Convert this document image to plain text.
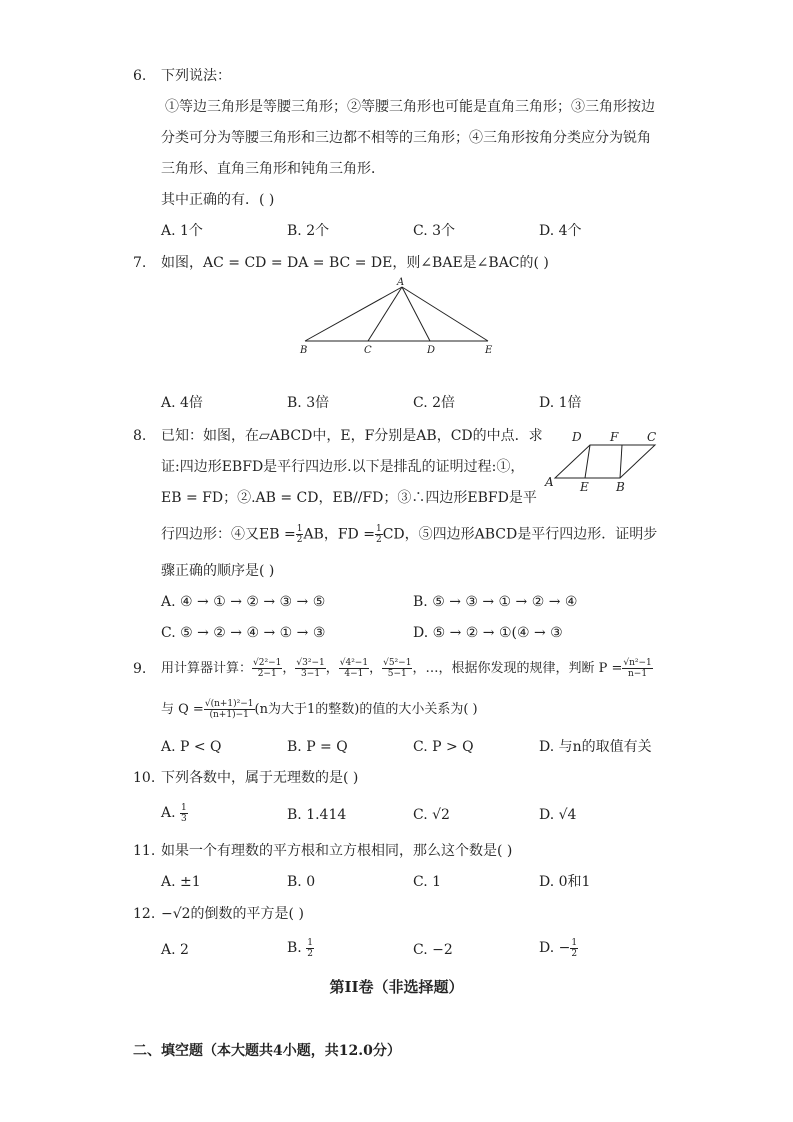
6. 下列说法：
①等边三角形是等腰三角形；②等腰三角形也可能是直角三角形；③三角形按边
分类可分为等腰三角形和三边都不相等的三角形；④三角形按角分类应分为锐角
三角形、直角三角形和钝角三角形．
其中正确的有．( )
A. 1个	B. 2个	C. 3个	D. 4个
7. 如图，AC = CD = DA = BC = DE，则∠BAE是∠BAC的( )
A
B	C	D	E
A. 4倍	B. 3倍	C. 2倍	D. 1倍
8. 已知：如图，在▱ABCD中，E，F分别是AB，CD的中点．求
证:四边形EBFD是平行四边形.以下是排乱的证明过程:①，
EB = FD；②.AB = CD，EB//FD；③∴四边形EBFD是平
行四边形：④又EB = $\frac{1}{2}$ AB，FD = $\frac{1}{2}$ CD，⑤四边形ABCD是平行四边形．证明步
骤正确的顺序是( )
D F C
A E B
A. ④ → ① → ② → ③ → ⑤	B. ⑤ → ③ → ① → ② → ④
C. ⑤ → ② → ④ → ① → ③	D. ⑤ → ② → ①(④ → ③
9. 用计算器计算： $\frac{\text{√2²−1}}{2-1}$ ， $\frac{\text{√3²−1}}{3-1}$ ， $\frac{\text{√4²−1}}{4-1}$ ， $\frac{\text{√5²−1}}{5-1}$ ，…，根据你发现的规律，判断 $P = \frac{\text{√n²−1}}{n-1}$
与 $Q = \frac{\text{√(n+1)²−1}}{(n+1)-1} (n$为大于1的整数)的值的大小关系为( )
A. P < Q	B. P = Q	C. P > Q	D. 与n的取值有关
10. 下列各数中，属于无理数的是( )
A. $\frac{1}{3}$	B. 1.414	C. √2	D. √4
11. 如果一个有理数的平方根和立方根相同，那么这个数是( )
A. ±1	B. 0	C. 1	D. 0和1
12. −√2的倒数的平方是( )
A. 2	B. $\frac{1}{2}$	C. −2	D. − $\frac{1}{2}$
第II卷（非选择题）
二、填空题（本大题共4小题，共12.0分）
